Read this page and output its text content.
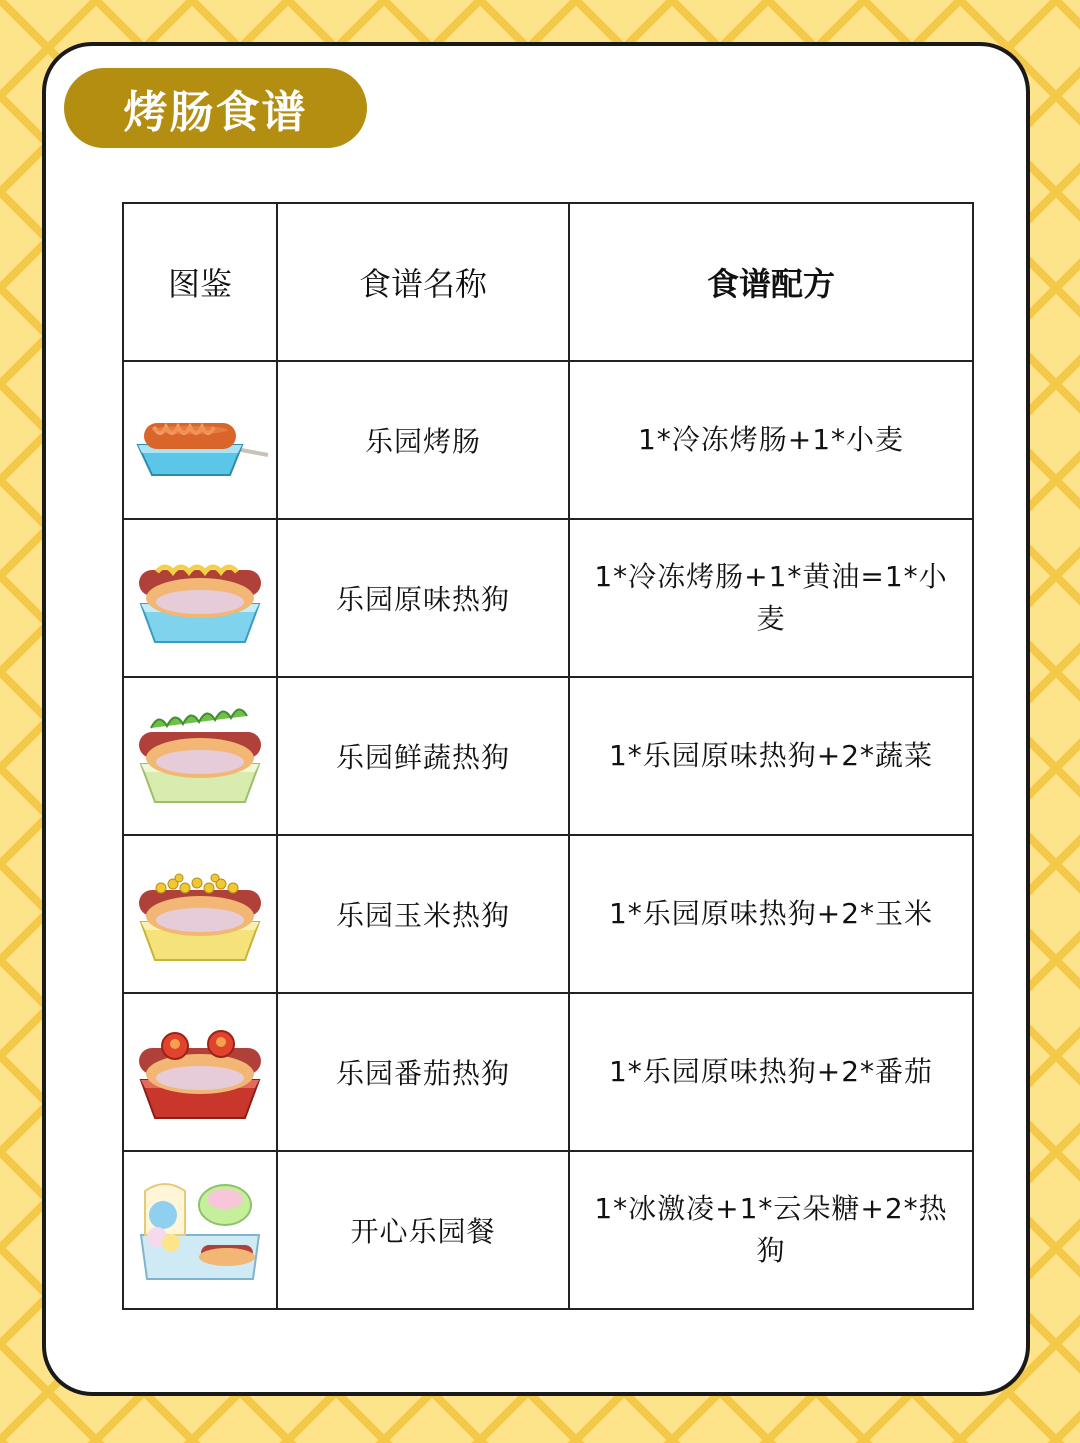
烤肠食谱
图鉴	食谱名称	食谱配方

	乐园烤肠	1*冷冻烤肠+1*小麦

	乐园原味热狗	1*冷冻烤肠+1*黄油=1*小麦

	乐园鲜蔬热狗	1*乐园原味热狗+2*蔬菜

	乐园玉米热狗	1*乐园原味热狗+2*玉米

	乐园番茄热狗	1*乐园原味热狗+2*番茄

	开心乐园餐	1*冰激凌+1*云朵糖+2*热狗
